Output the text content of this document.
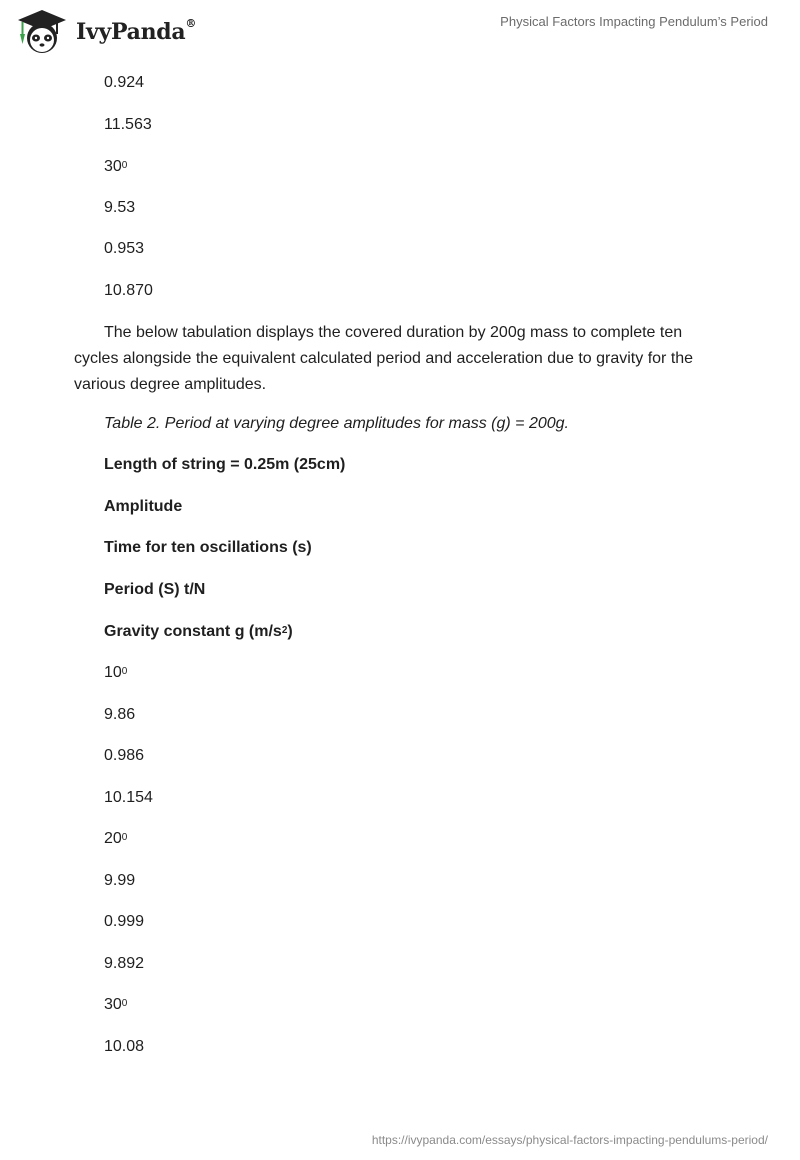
IvyPanda®	Physical Factors Impacting Pendulum’s Period
0.924
11.563
$30^0$
9.53
0.953
10.870
The below tabulation displays the covered duration by 200g mass to complete ten cycles alongside the equivalent calculated period and acceleration due to gravity for the various degree amplitudes.
Table 2. Period at varying degree amplitudes for mass (g) = 200g.
Length of string = 0.25m (25cm)
Amplitude
Time for ten oscillations (s)
Period (S) t/N
Gravity constant g $(m/s^2)$
$10^0$
9.86
0.986
10.154
$20^0$
9.99
0.999
9.892
$30^0$
10.08
https://ivypanda.com/essays/physical-factors-impacting-pendulums-period/
